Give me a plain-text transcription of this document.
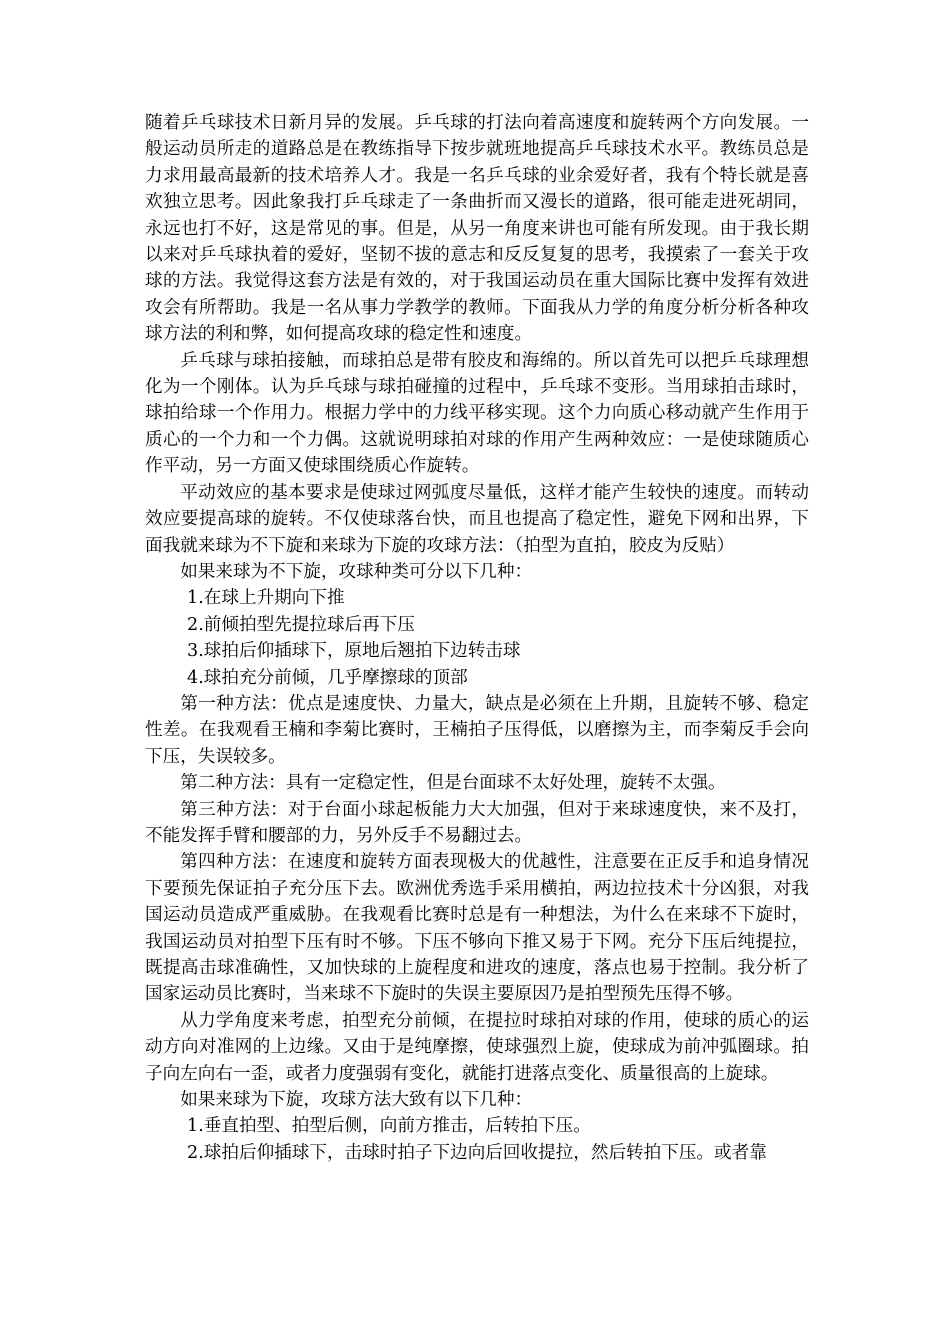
随着乒乓球技术日新月异的发展。乒乓球的打法向着高速度和旋转两个方向发展。一般运动员所走的道路总是在教练指导下按步就班地提高乒乓球技术水平。教练员总是力求用最高最新的技术培养人才。我是一名乒乓球的业余爱好者，我有个特长就是喜欢独立思考。因此象我打乒乓球走了一条曲折而又漫长的道路，很可能走进死胡同，永远也打不好，这是常见的事。但是，从另一角度来讲也可能有所发现。由于我长期以来对乒乓球执着的爱好，坚韧不拔的意志和反反复复的思考，我摸索了一套关于攻球的方法。我觉得这套方法是有效的，对于我国运动员在重大国际比赛中发挥有效进攻会有所帮助。我是一名从事力学教学的教师。下面我从力学的角度分析分析各种攻球方法的利和弊，如何提高攻球的稳定性和速度。

乒乓球与球拍接触，而球拍总是带有胶皮和海绵的。所以首先可以把乒乓球理想化为一个刚体。认为乒乓球与球拍碰撞的过程中，乒乓球不变形。当用球拍击球时，球拍给球一个作用力。根据力学中的力线平移实现。这个力向质心移动就产生作用于质心的一个力和一个力偶。这就说明球拍对球的作用产生两种效应：一是使球随质心作平动，另一方面又使球围绕质心作旋转。

平动效应的基本要求是使球过网弧度尽量低，这样才能产生较快的速度。而转动效应要提高球的旋转。不仅使球落台快，而且也提高了稳定性，避免下网和出界，下面我就来球为不下旋和来球为下旋的攻球方法：（拍型为直拍，胶皮为反贴）

如果来球为不下旋，攻球种类可分以下几种：

1.在球上升期向下推

2.前倾拍型先提拉球后再下压

3.球拍后仰插球下，原地后翘拍下边转击球

4.球拍充分前倾，几乎摩擦球的顶部

第一种方法：优点是速度快、力量大，缺点是必须在上升期，且旋转不够、稳定性差。在我观看王楠和李菊比赛时，王楠拍子压得低，以磨擦为主，而李菊反手会向下压，失误较多。

第二种方法：具有一定稳定性，但是台面球不太好处理，旋转不太强。

第三种方法：对于台面小球起板能力大大加强，但对于来球速度快，来不及打，不能发挥手臂和腰部的力，另外反手不易翻过去。

第四种方法：在速度和旋转方面表现极大的优越性，注意要在正反手和追身情况下要预先保证拍子充分压下去。欧洲优秀选手采用横拍，两边拉技术十分凶狠，对我国运动员造成严重威胁。在我观看比赛时总是有一种想法，为什么在来球不下旋时，我国运动员对拍型下压有时不够。下压不够向下推又易于下网。充分下压后纯提拉，既提高击球准确性，又加快球的上旋程度和进攻的速度，落点也易于控制。我分析了国家运动员比赛时，当来球不下旋时的失误主要原因乃是拍型预先压得不够。

从力学角度来考虑，拍型充分前倾，在提拉时球拍对球的作用，使球的质心的运动方向对准网的上边缘。又由于是纯摩擦，使球强烈上旋，使球成为前冲弧圈球。拍子向左向右一歪，或者力度强弱有变化，就能打进落点变化、质量很高的上旋球。

如果来球为下旋，攻球方法大致有以下几种：

1.垂直拍型、拍型后侧，向前方推击，后转拍下压。

2.球拍后仰插球下，击球时拍子下边向后回收提拉，然后转拍下压。或者靠
